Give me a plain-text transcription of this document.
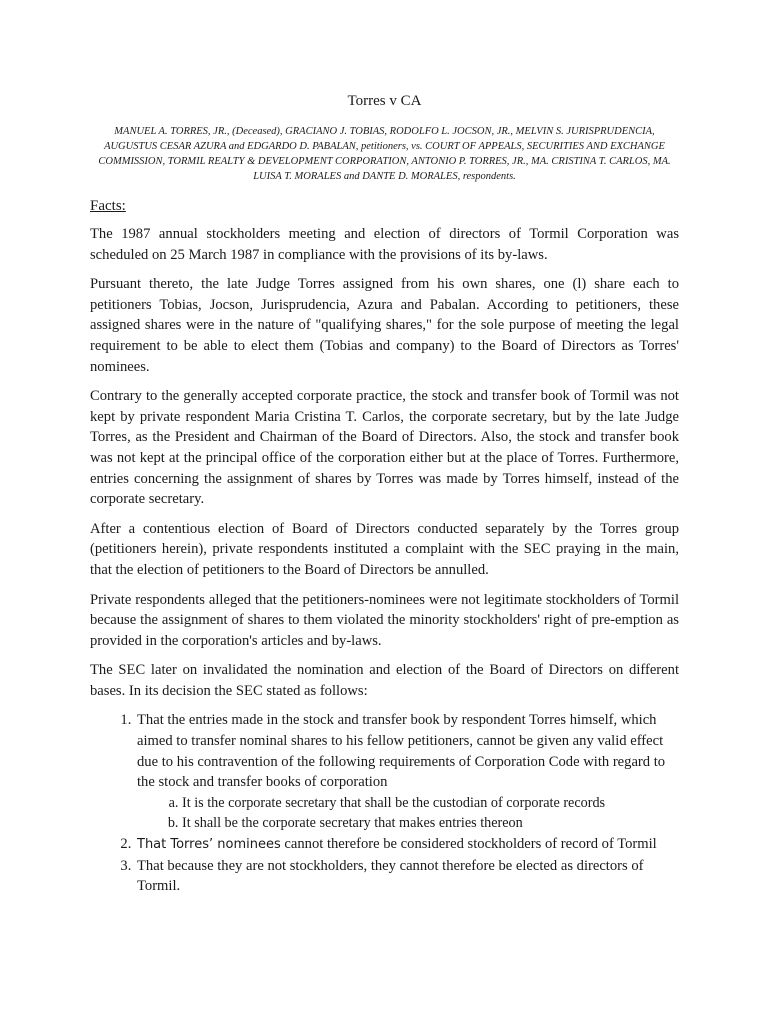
Torres v CA
MANUEL A. TORRES, JR., (Deceased), GRACIANO J. TOBIAS, RODOLFO L. JOCSON, JR., MELVIN S. JURISPRUDENCIA, AUGUSTUS CESAR AZURA and EDGARDO D. PABALAN, petitioners, vs. COURT OF APPEALS, SECURITIES AND EXCHANGE COMMISSION, TORMIL REALTY & DEVELOPMENT CORPORATION, ANTONIO P. TORRES, JR., MA. CRISTINA T. CARLOS, MA. LUISA T. MORALES and DANTE D. MORALES, respondents.
Facts:

The 1987 annual stockholders meeting and election of directors of Tormil Corporation was scheduled on 25 March 1987 in compliance with the provisions of its by-laws.

Pursuant thereto, the late Judge Torres assigned from his own shares, one (l) share each to petitioners Tobias, Jocson, Jurisprudencia, Azura and Pabalan. According to petitioners, these assigned shares were in the nature of "qualifying shares," for the sole purpose of meeting the legal requirement to be able to elect them (Tobias and company) to the Board of Directors as Torres' nominees.

Contrary to the generally accepted corporate practice, the stock and transfer book of Tormil was not kept by private respondent Maria Cristina T. Carlos, the corporate secretary, but by the late Judge Torres, as the President and Chairman of the Board of Directors. Also, the stock and transfer book was not kept at the principal office of the corporation either but at the place of Torres. Furthermore, entries concerning the assignment of shares by Torres was made by Torres himself, instead of the corporate secretary.

After a contentious election of Board of Directors conducted separately by the Torres group (petitioners herein), private respondents instituted a complaint with the SEC praying in the main, that the election of petitioners to the Board of Directors be annulled.

Private respondents alleged that the petitioners-nominees were not legitimate stockholders of Tormil because the assignment of shares to them violated the minority stockholders' right of pre-emption as provided in the corporation's articles and by-laws.

The SEC later on invalidated the nomination and election of the Board of Directors on different bases. In its decision the SEC stated as follows:

1. That the entries made in the stock and transfer book by respondent Torres himself, which aimed to transfer nominal shares to his fellow petitioners, cannot be given any valid effect due to his contravention of the following requirements of Corporation Code with regard to the stock and transfer books of corporation
a. It is the corporate secretary that shall be the custodian of corporate records
b. It shall be the corporate secretary that makes entries thereon
2. That Torres’ nominees cannot therefore be considered stockholders of record of Tormil
3. That because they are not stockholders, they cannot therefore be elected as directors of Tormil.
